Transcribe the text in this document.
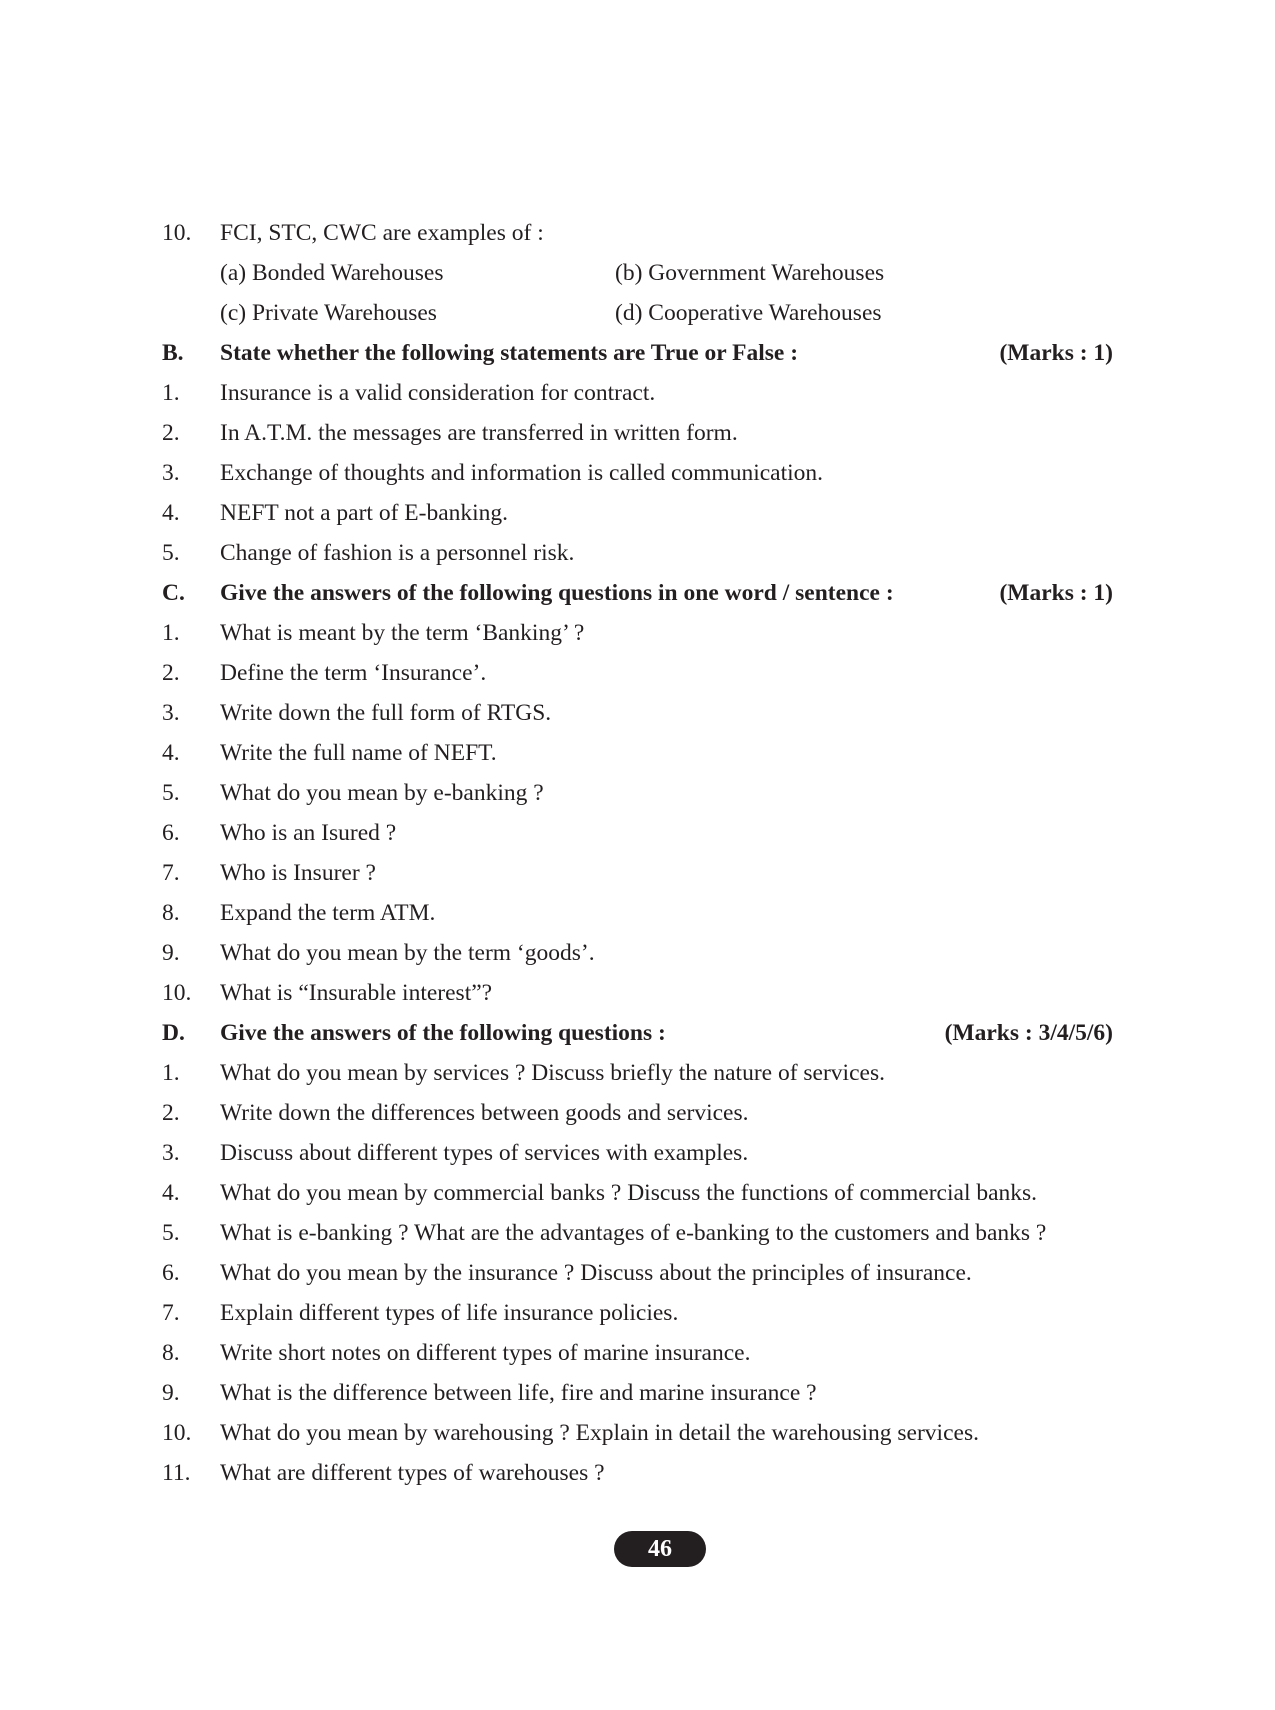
10. FCI, STC, CWC are examples of :
(a) Bonded Warehouses	(b) Government Warehouses
(c) Private Warehouses	(d) Cooperative Warehouses
B. State whether the following statements are True or False :	(Marks : 1)
1. Insurance is a valid consideration for contract.
2. In A.T.M. the messages are transferred in written form.
3. Exchange of thoughts and information is called communication.
4. NEFT not a part of E-banking.
5. Change of fashion is a personnel risk.
C. Give the answers of the following questions in one word / sentence :	(Marks : 1)
1. What is meant by the term ‘Banking’ ?
2. Define the term ‘Insurance’.
3. Write down the full form of RTGS.
4. Write the full name of NEFT.
5. What do you mean by e-banking ?
6. Who is an Isured ?
7. Who is Insurer ?
8. Expand the term ATM.
9. What do you mean by the term ‘goods’.
10. What is “Insurable interest”?
D. Give the answers of the following questions :	(Marks : 3/4/5/6)
1. What do you mean by services ? Discuss briefly the nature of services.
2. Write down the differences between goods and services.
3. Discuss about different types of services with examples.
4. What do you mean by commercial banks ? Discuss the functions of commercial banks.
5. What is e-banking ? What are the advantages of e-banking to the customers and banks ?
6. What do you mean by the insurance ? Discuss about the principles of insurance.
7. Explain different types of life insurance policies.
8. Write short notes on different types of marine insurance.
9. What is the difference between life, fire and marine insurance ?
10. What do you mean by warehousing ? Explain in detail the warehousing services.
11. What are different types of warehouses ?
46
